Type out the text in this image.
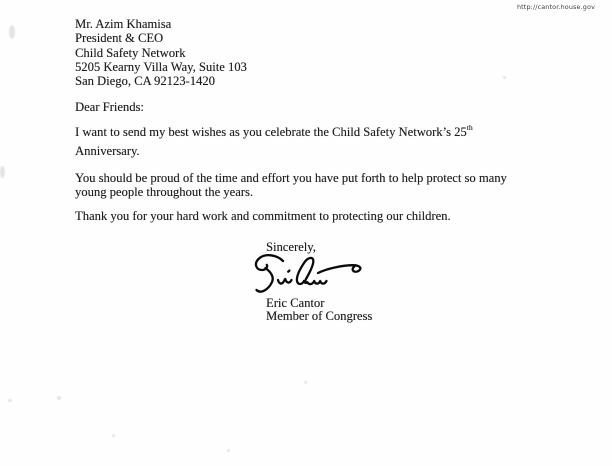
http://cantor.house.gov
Mr. Azim Khamisa
President & CEO
Child Safety Network
5205 Kearny Villa Way, Suite 103
San Diego, CA 92123-1420
Dear Friends:
I want to send my best wishes as you celebrate the Child Safety Network’s 25th
Anniversary.
You should be proud of the time and effort you have put forth to help protect so many
young people throughout the years.
Thank you for your hard work and commitment to protecting our children.
Sincerely,
Eric Cantor
Member of Congress
